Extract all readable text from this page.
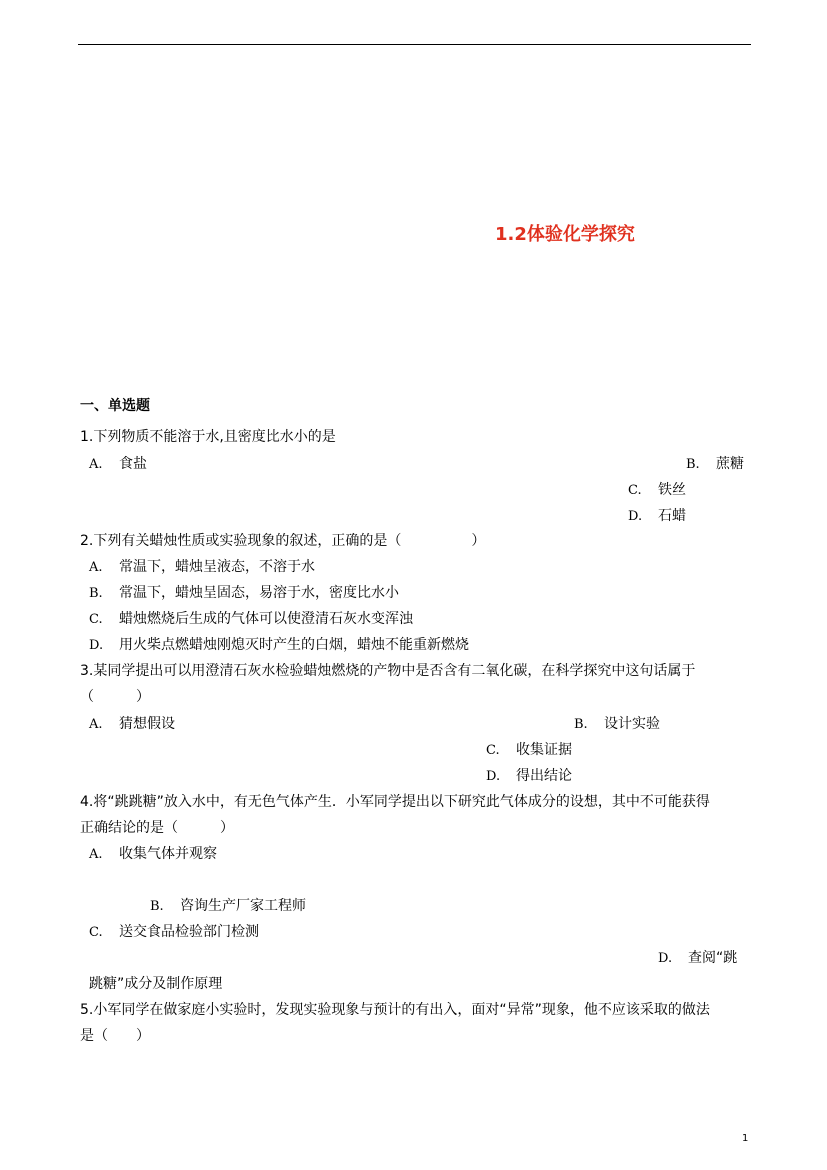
1.2体验化学探究
一、单选题
1.下列物质不能溶于水,且密度比水小的是
A. 食盐	B. 蔗糖
C. 铁丝
D. 石蜡
2.下列有关蜡烛性质或实验现象的叙述，正确的是（　　　　　）
A. 常温下，蜡烛呈液态，不溶于水
B. 常温下，蜡烛呈固态，易溶于水，密度比水小
C. 蜡烛燃烧后生成的气体可以使澄清石灰水变浑浊
D. 用火柴点燃蜡烛刚熄灭时产生的白烟，蜡烛不能重新燃烧
3.某同学提出可以用澄清石灰水检验蜡烛燃烧的产物中是否含有二氧化碳，在科学探究中这句话属于
（　　　）
A. 猜想假设	B. 设计实验
C. 收集证据
D. 得出结论
4.将“跳跳糖”放入水中，有无色气体产生．小军同学提出以下研究此气体成分的设想，其中不可能获得
正确结论的是（　　　）
A. 收集气体并观察
B. 咨询生产厂家工程师
C. 送交食品检验部门检测
D. 查阅“跳
跳糖”成分及制作原理
5.小军同学在做家庭小实验时，发现实验现象与预计的有出入，面对“异常”现象，他不应该采取的做法
是（　　）
1
